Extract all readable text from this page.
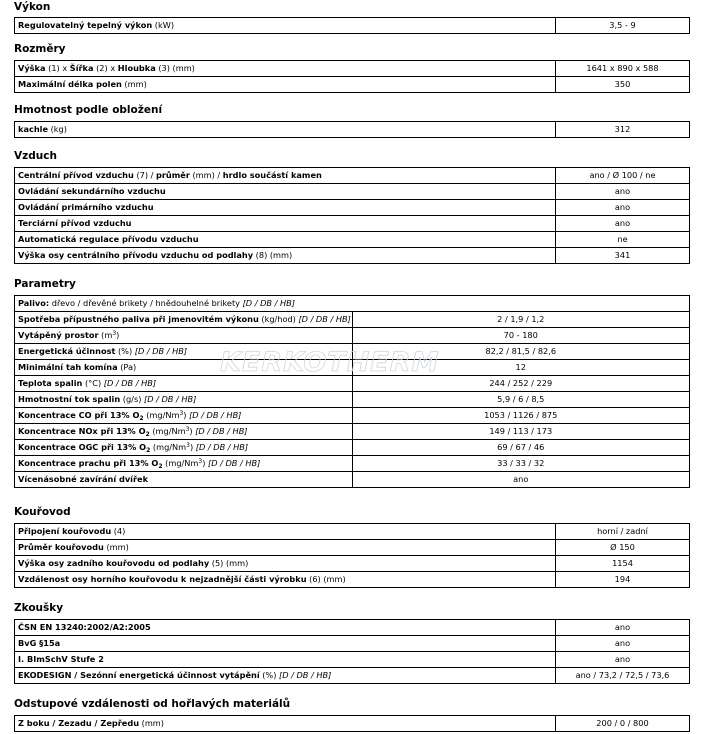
Výkon
Regulovatelný tepelný výkon (kW)	3,5 - 9
Rozměry
Výška (1) x Šířka (2) x Hloubka (3) (mm)	1641 x 890 x 588
Maximální délka polen (mm)	350
Hmotnost podle obložení
kachle (kg)	312
Vzduch
Centrální přívod vzduchu (7) / průměr (mm) / hrdlo součástí kamen	ano / Ø 100 / ne
Ovládání sekundárního vzduchu	ano
Ovládání primárního vzduchu	ano
Terciární přívod vzduchu	ano
Automatická regulace přívodu vzduchu	ne
Výška osy centrálního přívodu vzduchu od podlahy (8) (mm)	341
Parametry
Palivo: dřevo / dřevěné brikety / hnědouhelné brikety [D / DB / HB]	
Spotřeba přípustného paliva při jmenovitém výkonu (kg/hod) [D / DB / HB]	2 / 1,9 / 1,2
Vytápěný prostor $(m^3)$	70 - 180
Energetická účinnost (%) [D / DB / HB]	82,2 / 81,5 / 82,6
Minimální tah komína (Pa)	12
Teplota spalin (°C) [D / DB / HB]	244 / 252 / 229
Hmotnostní tok spalin (g/s) [D / DB / HB]	5,9 / 6 / 8,5
Koncentrace CO při 13% $O_2$ (mg/Nm$^3$) [D / DB / HB]	1053 / 1126 / 875
Koncentrace NOx při 13% $O_2$ (mg/Nm$^3$) [D / DB / HB]	149 / 113 / 173
Koncentrace OGC při 13% $O_2$ (mg/Nm$^3$) [D / DB / HB]	69 / 67 / 46
Koncentrace prachu při 13% $O_2$ (mg/Nm$^3$) [D / DB / HB]	33 / 33 / 32
Vícenásobné zavírání dvířek	ano
Kouřovod
Připojení kouřovodu (4)	horní / zadní
Průměr kouřovodu (mm)	Ø 150
Výška osy zadního kouřovodu od podlahy (5) (mm)	1154
Vzdálenost osy horního kouřovodu k nejzadnější části výrobku (6) (mm)	194
Zkoušky
ČSN EN 13240:2002/A2:2005	ano
BvG §15a	ano
I. BImSchV Stufe 2	ano
EKODESIGN / Sezónní energetická účinnost vytápění (%) [D / DB / HB]	ano / 73,2 / 72,5 / 73,6
Odstupové vzdálenosti od hořlavých materiálů
Z boku / Zezadu / Zepředu (mm)	200 / 0 / 800
KERKOTHERM
